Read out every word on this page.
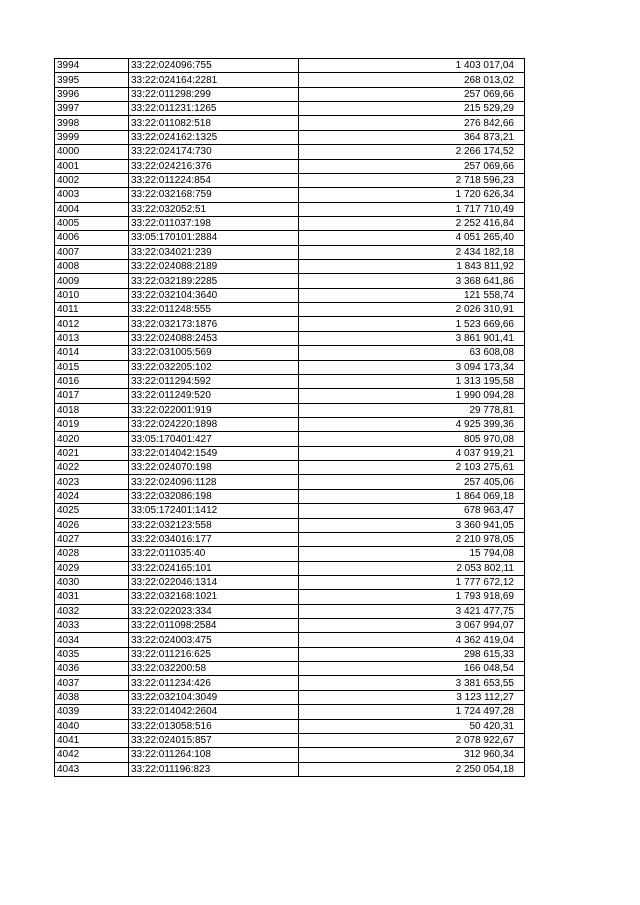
3994	33:22:024096:755	1 403 017,04
3995	33:22:024164:2281	268 013,02
3996	33:22:011298:299	257 069,66
3997	33:22:011231:1265	215 529,29
3998	33:22:011082:518	276 842,66
3999	33:22:024162:1325	364 873,21
4000	33:22:024174:730	2 266 174,52
4001	33:22:024216:376	257 069,66
4002	33:22:011224:854	2 718 596,23
4003	33:22:032168:759	1 720 626,34
4004	33:22:032052:51	1 717 710,49
4005	33:22:011037:198	2 252 416,84
4006	33:05:170101:2884	4 051 265,40
4007	33:22:034021:239	2 434 182,18
4008	33:22:024088:2189	1 843 811,92
4009	33:22:032189:2285	3 368 641,86
4010	33:22:032104:3640	121 558,74
4011	33:22:011248:555	2 026 310,91
4012	33:22:032173:1876	1 523 669,66
4013	33:22:024088:2453	3 861 901,41
4014	33:22:031005:569	63 608,08
4015	33:22:032205:102	3 094 173,34
4016	33:22:011294:592	1 313 195,58
4017	33:22:011249:520	1 990 094,28
4018	33:22:022001:919	29 778,81
4019	33:22:024220:1898	4 925 399,36
4020	33:05:170401:427	805 970,08
4021	33:22:014042:1549	4 037 919,21
4022	33:22:024070:198	2 103 275,61
4023	33:22:024096:1128	257 405,06
4024	33:22:032086:198	1 864 069,18
4025	33:05:172401:1412	678 963,47
4026	33:22:032123:558	3 360 941,05
4027	33:22:034016:177	2 210 978,05
4028	33:22:011035:40	15 794,08
4029	33:22:024165:101	2 053 802,11
4030	33:22:022046:1314	1 777 672,12
4031	33:22:032168:1021	1 793 918,69
4032	33:22:022023:334	3 421 477,75
4033	33:22:011098:2584	3 067 994,07
4034	33:22:024003:475	4 362 419,04
4035	33:22:011216:625	298 615,33
4036	33:22:032200:58	166 048,54
4037	33:22:011234:426	3 381 653,55
4038	33:22:032104:3049	3 123 112,27
4039	33:22:014042:2604	1 724 497,28
4040	33:22:013058:516	50 420,31
4041	33:22:024015:857	2 078 922,67
4042	33:22:011264:108	312 960,34
4043	33:22:011196:823	2 250 054,18
